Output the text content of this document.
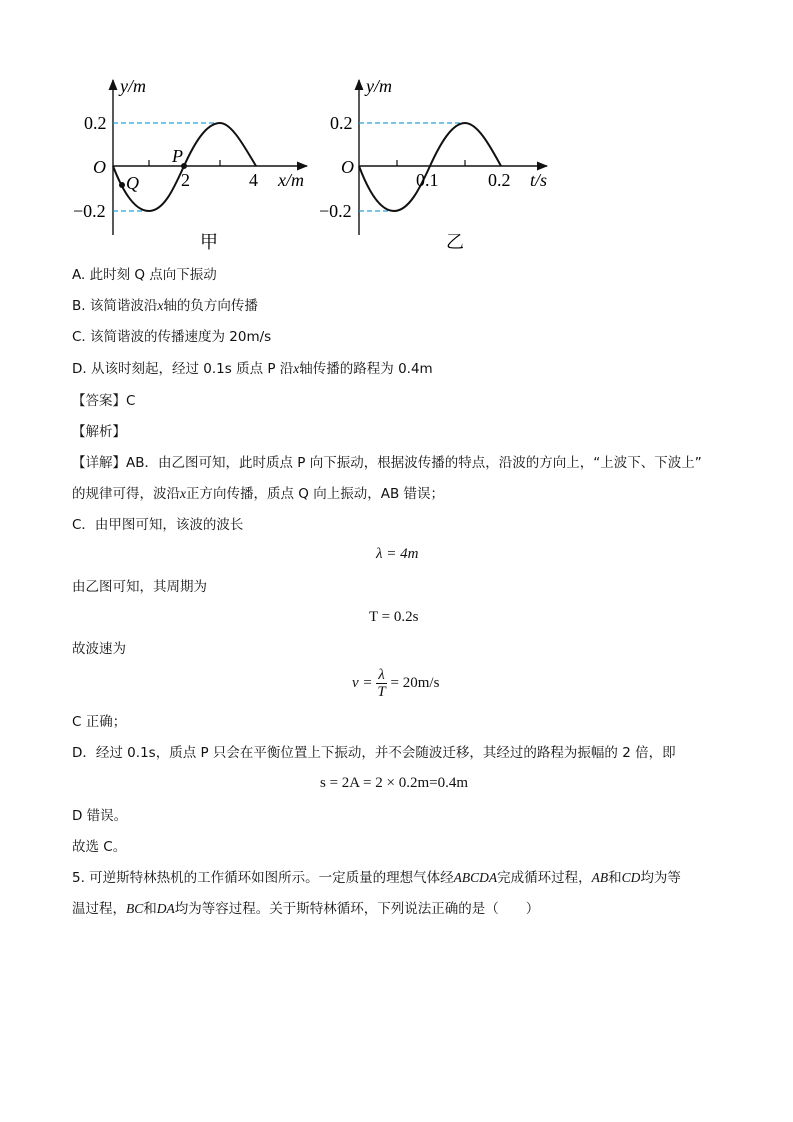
y/m
x/m
O
0.2
−0.2
2	4
P
Q
甲
y/m
t/s
O
0.2
−0.2
0.1	0.2
乙
A. 此时刻 Q 点向下振动
B. 该简谐波沿x轴的负方向传播
C. 该简谐波的传播速度为 20m/s
D. 从该时刻起，经过 0.1s 质点 P 沿x轴传播的路程为 0.4m
【答案】C
【解析】
【详解】AB．由乙图可知，此时质点 P 向下振动，根据波传播的特点，沿波的方向上，“上波下、下波上”
的规律可得，波沿x正方向传播，质点 Q 向上振动，AB 错误；
C．由甲图可知，该波的波长
λ = 4m
由乙图可知，其周期为
T = 0.2s
故波速为
$v = \frac{\lambda}{T} = 20m/s$
C 正确；
D．经过 0.1s，质点 P 只会在平衡位置上下振动，并不会随波迁移，其经过的路程为振幅的 2 倍，即
s = 2A = 2 × 0.2m=0.4m
D 错误。
故选 C。
5. 可逆斯特林热机的工作循环如图所示。一定质量的理想气体经ABCDA完成循环过程，AB和CD均为等
温过程，BC和DA均为等容过程。关于斯特林循环，下列说法正确的是（　　）
